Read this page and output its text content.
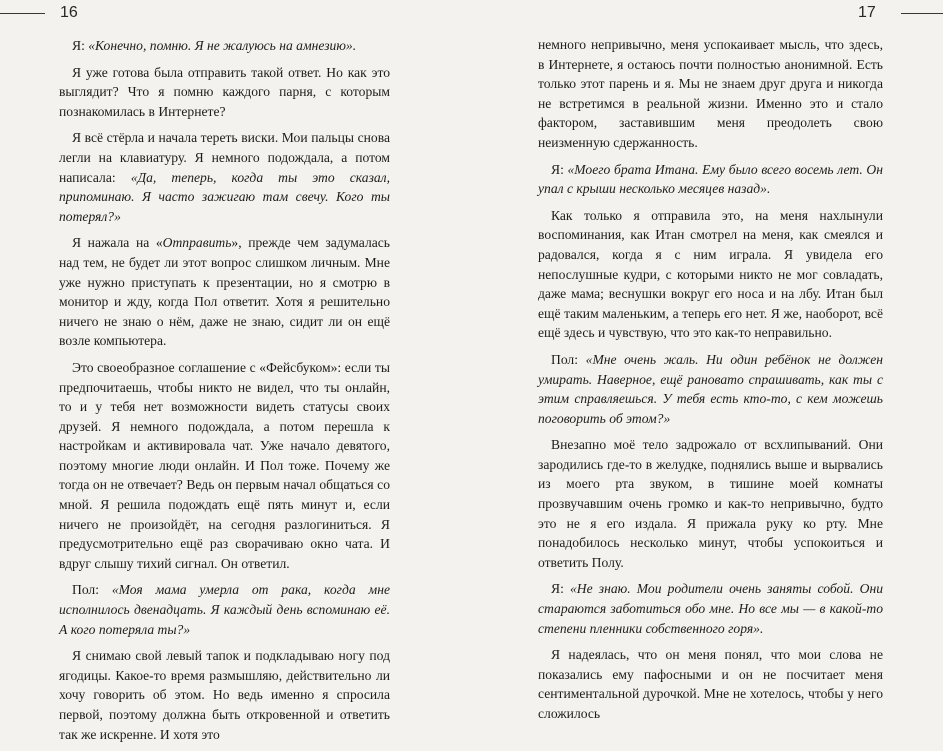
16	17

Я: «Конечно, помню. Я не жалуюсь на амнезию».

Я уже готова была отправить такой ответ. Но как это выглядит? Что я помню каждого парня, с которым познакомилась в Интернете?

Я всё стёрла и начала тереть виски. Мои пальцы снова легли на клавиатуру. Я немного подождала, а потом написала: «Да, теперь, когда ты это сказал, припоминаю. Я часто зажигаю там свечу. Кого ты потерял?»

Я нажала на «Отправить», прежде чем задумалась над тем, не будет ли этот вопрос слишком личным. Мне уже нужно приступать к презентации, но я смотрю в монитор и жду, когда Пол ответит. Хотя я решительно ничего не знаю о нём, даже не знаю, сидит ли он ещё возле компьютера.

Это своеобразное соглашение с «Фейсбуком»: если ты предпочитаешь, чтобы никто не видел, что ты онлайн, то и у тебя нет возможности видеть статусы своих друзей. Я немного подождала, а потом перешла к настройкам и активировала чат. Уже начало девятого, поэтому многие люди онлайн. И Пол тоже. Почему же тогда он не отвечает? Ведь он первым начал общаться со мной. Я решила подождать ещё пять минут и, если ничего не произойдёт, на сегодня разлогиниться. Я предусмотрительно ещё раз сворачиваю окно чата. И вдруг слышу тихий сигнал. Он ответил.

Пол: «Моя мама умерла от рака, когда мне исполнилось двенадцать. Я каждый день вспоминаю её. А кого потеряла ты?»

Я снимаю свой левый тапок и подкладываю ногу под ягодицы. Какое-то время размышляю, действительно ли хочу говорить об этом. Но ведь именно я спросила первой, поэтому должна быть откровенной и ответить так же искренне. И хотя это

немного непривычно, меня успокаивает мысль, что здесь, в Интернете, я остаюсь почти полностью анонимной. Есть только этот парень и я. Мы не знаем друг друга и никогда не встретимся в реальной жизни. Именно это и стало фактором, заставившим меня преодолеть свою неизменную сдержанность.

Я: «Моего брата Итана. Ему было всего восемь лет. Он упал с крыши несколько месяцев назад».

Как только я отправила это, на меня нахлынули воспоминания, как Итан смотрел на меня, как смеялся и радовался, когда я с ним играла. Я увидела его непослушные кудри, с которыми никто не мог совладать, даже мама; веснушки вокруг его носа и на лбу. Итан был ещё таким маленьким, а теперь его нет. Я же, наоборот, всё ещё здесь и чувствую, что это как-то неправильно.

Пол: «Мне очень жаль. Ни один ребёнок не должен умирать. Наверное, ещё рановато спрашивать, как ты с этим справляешься. У тебя есть кто-то, с кем можешь поговорить об этом?»

Внезапно моё тело задрожало от всхлипываний. Они зародились где-то в желудке, поднялись выше и вырвались из моего рта звуком, в тишине моей комнаты прозвучавшим очень громко и как-то непривычно, будто это не я его издала. Я прижала руку ко рту. Мне понадобилось несколько минут, чтобы успокоиться и ответить Полу.

Я: «Не знаю. Мои родители очень заняты собой. Они стараются заботиться обо мне. Но все мы — в какой-то степени пленники собственного горя».

Я надеялась, что он меня понял, что мои слова не показались ему пафосными и он не посчитает меня сентиментальной дурочкой. Мне не хотелось, чтобы у него сложилось
